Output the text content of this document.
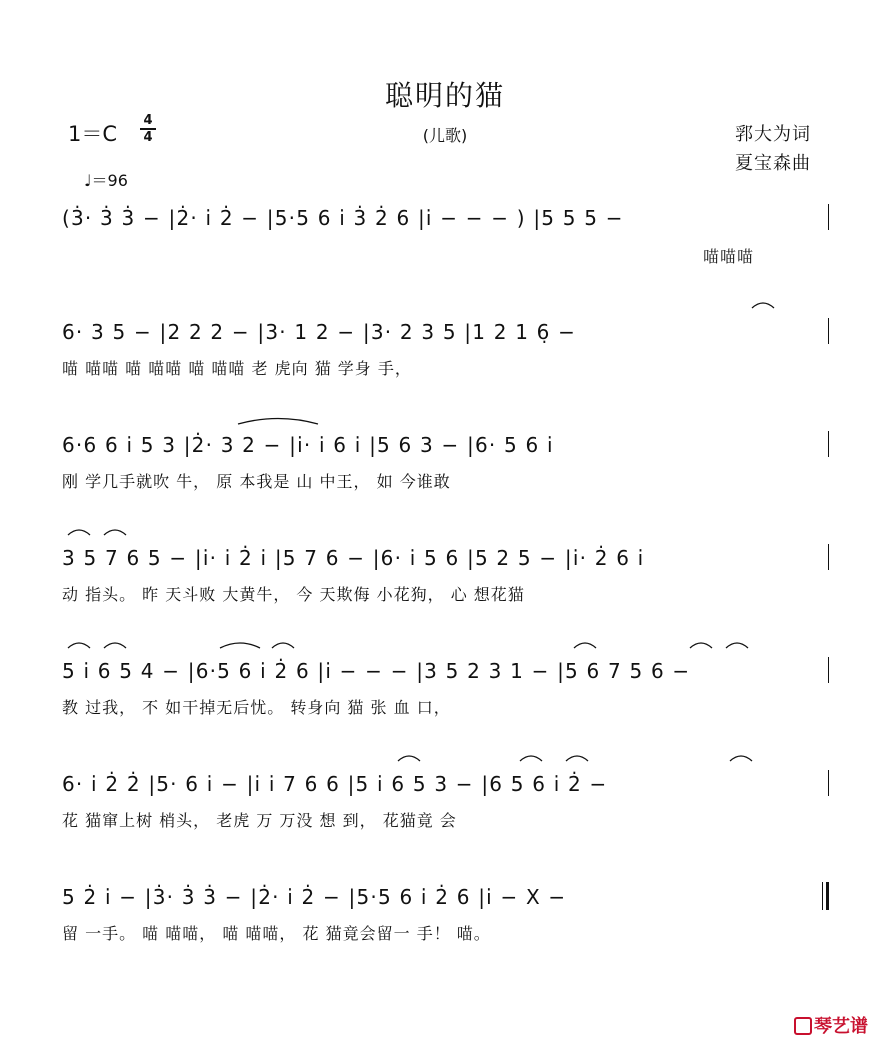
聪明的猫
1＝C
4
4	(儿歌)	郛大为词
夏宝森曲
♩＝96
(3̇· 3̇ 3̇ − |2̇· i̇ 2̇ − |5·5 6 i̇ 3̇ 2̇ 6 |i̇ − − − ) |5 5 5 −
喵喵喵
6· 3 5 − |2 2 2 − |3· 1 2 − |3· 2 3 5 |1 2 1 6̣ −
喵 喵喵 喵 喵喵 喵 喵喵 老 虎向 猫 学身 手，
6·6 6 i̇ 5 3 |2̇· 3 2 − |i̇· i̇ 6 i̇ |5 6 3 − |6· 5 6 i̇
刚 学几手就吹 牛， 原 本我是 山 中王， 如 今谁敢
3 5 7 6 5 − |i̇· i̇ 2̇ i̇ |5 7 6 − |6· i̇ 5 6 |5 2 5 − |i̇· 2̇ 6 i̇
动 指头。 昨 天斗败 大黄牛， 今 天欺侮 小花狗， 心 想花猫
5 i̇ 6 5 4 − |6·5 6 i̇ 2̇ 6 |i̇ − − − |3 5 2 3 1 − |5 6 7 5 6 −
教 过我， 不 如干掉无后忧。 转身向 猫 张 血 口，
6· i̇ 2̇ 2̇ |5· 6 i̇ − |i̇ i̇ 7 6 6 |5 i̇ 6 5 3 − |6 5 6 i̇ 2̇ −
花 猫窜上树 梢头， 老虎 万 万没 想 到， 花猫竟 会
5 2̇ i̇ − |3̇· 3̇ 3̇ − |2̇· i̇ 2̇ − |5·5 6 i̇ 2̇ 6 |i̇ − X −
留 一手。 喵 喵喵， 喵 喵喵， 花 猫竟会留一 手！ 喵。
琴艺谱
